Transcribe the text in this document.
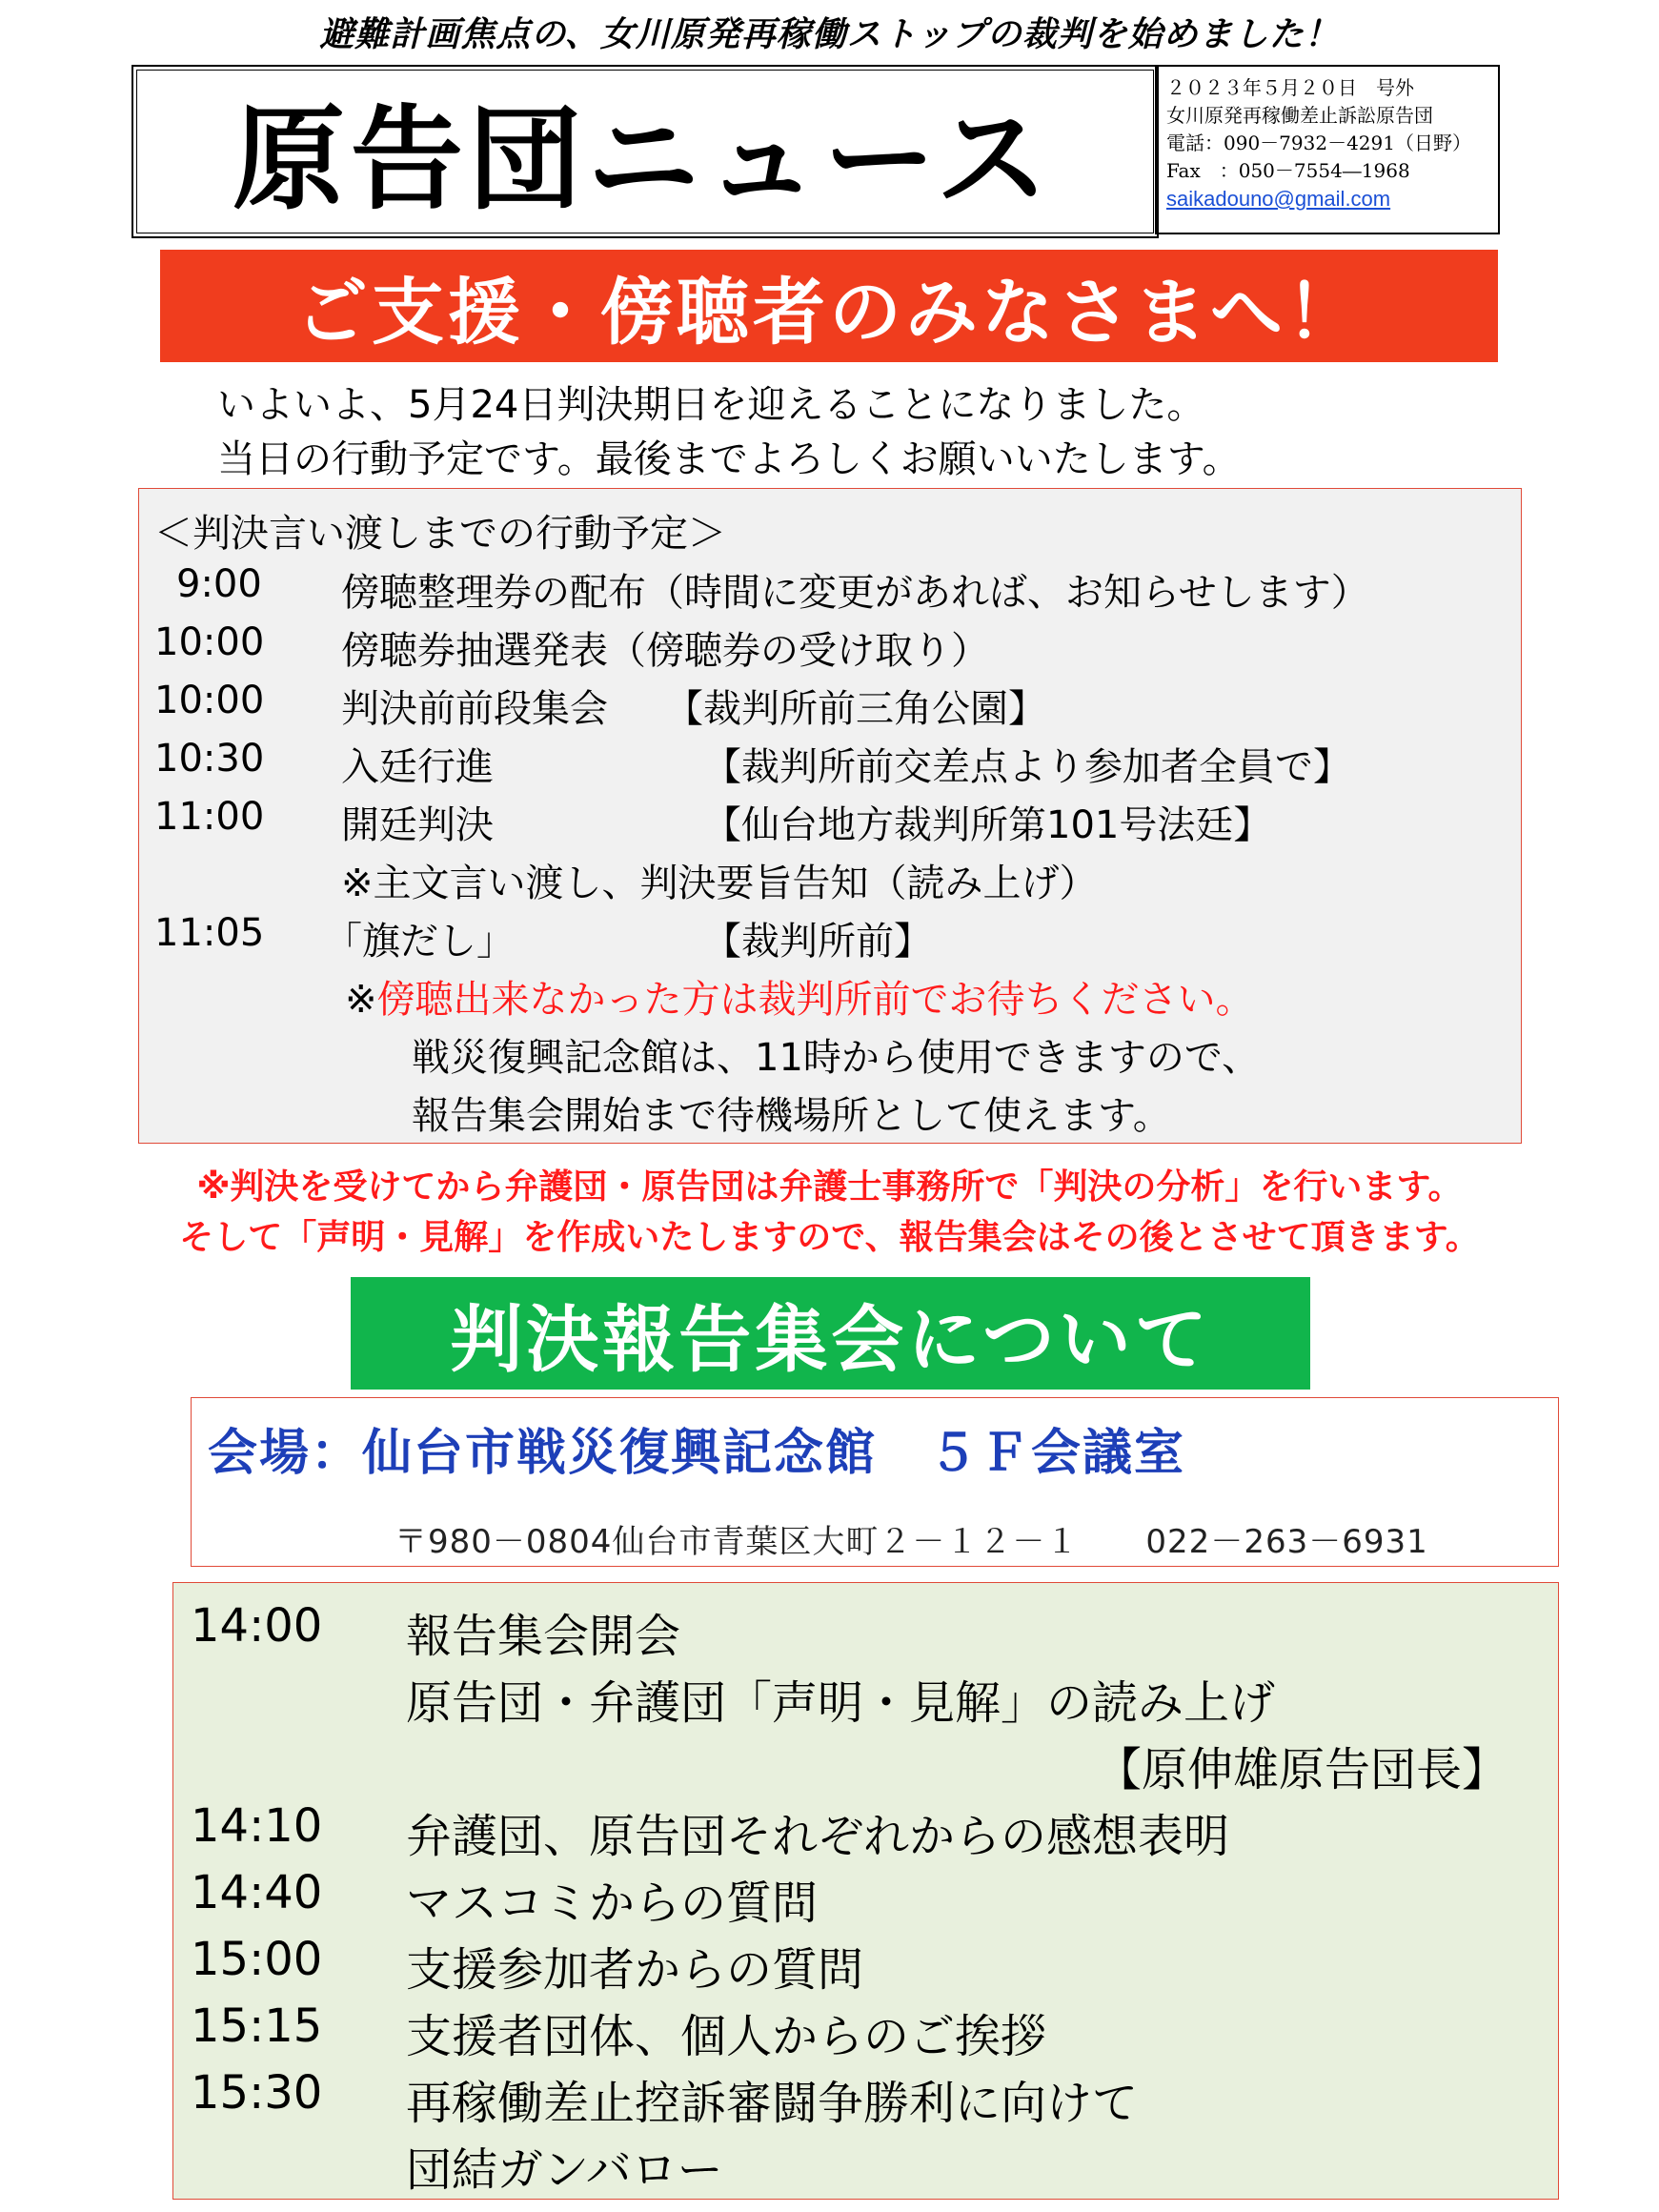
避難計画焦点の、女川原発再稼働ストップの裁判を始めました！
原告団ニュース
２０２３年５月２０日　号外
女川原発再稼働差止訴訟原告団
電話：090－7932－4291（日野）
Fax　：050－7554―1968
saikadouno@gmail.com
ご支援・傍聴者のみなさまへ！
いよいよ、5月24日判決期日を迎えることになりました。
当日の行動予定です。最後までよろしくお願いいたします。
＜判決言い渡しまでの行動予定＞
9:00 傍聴整理券の配布（時間に変更があれば、お知らせします）
10:00 傍聴券抽選発表（傍聴券の受け取り）
10:00 判決前前段集会 【裁判所前三角公園】
10:30 入廷行進	【裁判所前交差点より参加者全員で】
11:00 開廷判決	【仙台地方裁判所第101号法廷】
※主文言い渡し、判決要旨告知（読み上げ）
11:05 「旗だし」	【裁判所前】
※傍聴出来なかった方は裁判所前でお待ちください。
戦災復興記念館は、11時から使用できますので、
報告集会開始まで待機場所として使えます。
※判決を受けてから弁護団・原告団は弁護士事務所で「判決の分析」を行います。
そして「声明・見解」を作成いたしますので、報告集会はその後とさせて頂きます。
判決報告集会について
会場：仙台市戦災復興記念館　５Ｆ会議室
〒980－0804仙台市青葉区大町２－１２－１　　022－263－6931
14:00 報告集会開会
原告団・弁護団「声明・見解」の読み上げ
【原伸雄原告団長】
14:10 弁護団、原告団それぞれからの感想表明
14:40 マスコミからの質問
15:00 支援参加者からの質問
15:15 支援者団体、個人からのご挨拶
15:30 再稼働差止控訴審闘争勝利に向けて
団結ガンバロー
